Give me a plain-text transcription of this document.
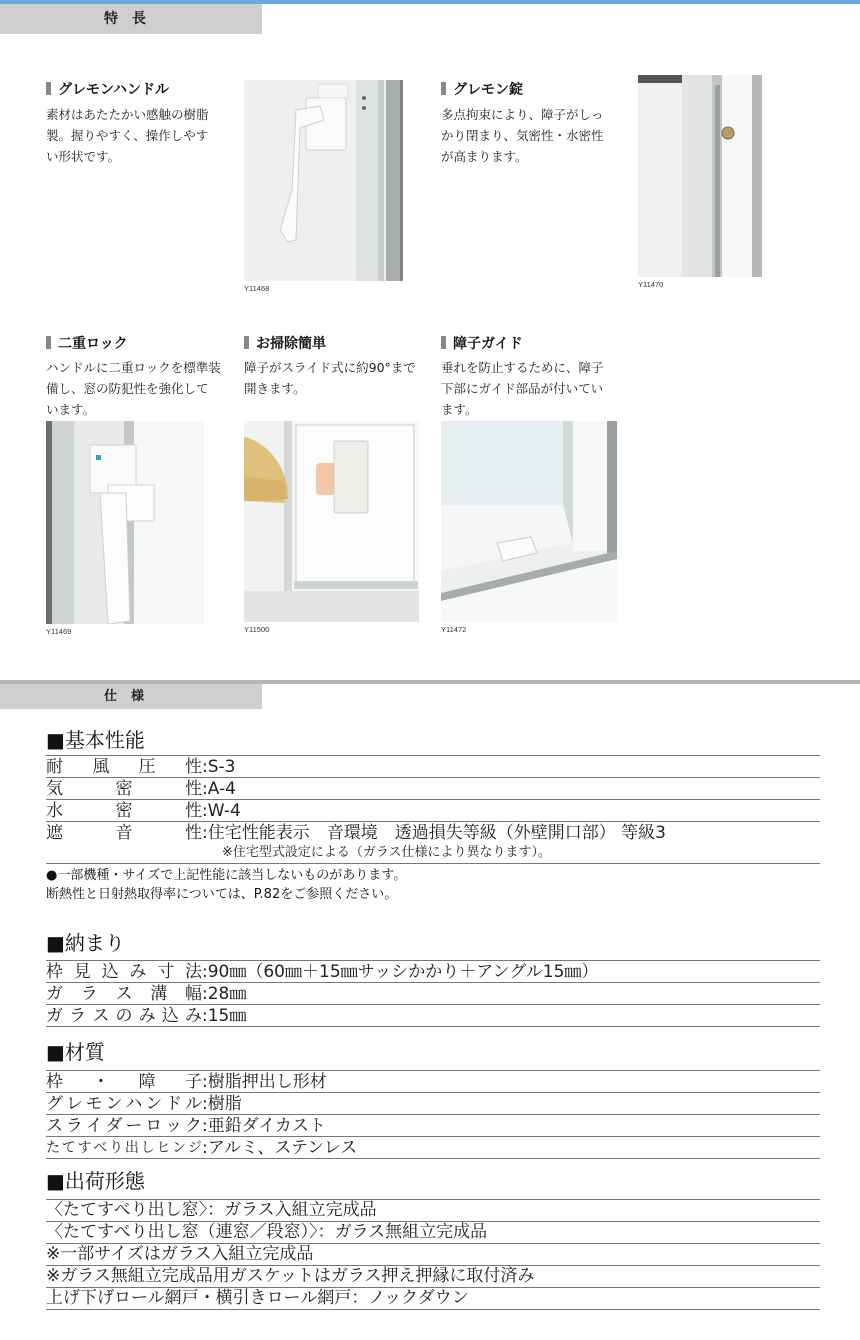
特長
グレモンハンドル
素材はあたたかい感触の樹脂
製。握りやすく、操作しやす
い形状です。
Y11468
グレモン錠
多点拘束により、障子がしっ
かり閉まり、気密性・水密性
が高まります。
Y11470
二重ロック
ハンドルに二重ロックを標準装
備し、窓の防犯性を強化して
います。
Y11469
お掃除簡単
障子がスライド式に約90°まで
開きます。
Y11500
障子ガイド
垂れを防止するために、障子
下部にガイド部品が付いてい
ます。
Y11472
仕様
■基本性能
耐 風 圧 性 : S-3
気	密	性 : A-4
水	密	性 : W-4
遮	音	性 : 住宅性能表示　音環境　透過損失等級（外壁開口部） 等級3
※住宅型式設定による（ガラス仕様により異なります）。
●一部機種・サイズで上記性能に該当しないものがあります。
断熱性と日射熱取得率については、P.82をご参照ください。
■納まり
枠 見 込 み 寸 法 : 90㎜（60㎜＋15㎜サッシかかり＋アングル15㎜）
ガ ラ ス 溝 幅 : 28㎜
ガ ラ ス の み 込 み : 15㎜
■材質
枠 ・ 障 子 : 樹脂押出し形材
グ レ モ ン ハ ン ド ル : 樹脂
ス ラ イ ダ ー ロ ッ ク : 亜鉛ダイカスト
た て す べ り 出 し ヒ ン ジ : アルミ、ステンレス
■出荷形態
〈たてすべり出し窓〉：ガラス入組立完成品
〈たてすべり出し窓（連窓／段窓）〉：ガラス無組立完成品
※一部サイズはガラス入組立完成品
※ガラス無組立完成品用ガスケットはガラス押え押縁に取付済み
上げ下げロール網戸・横引きロール網戸：ノックダウン
